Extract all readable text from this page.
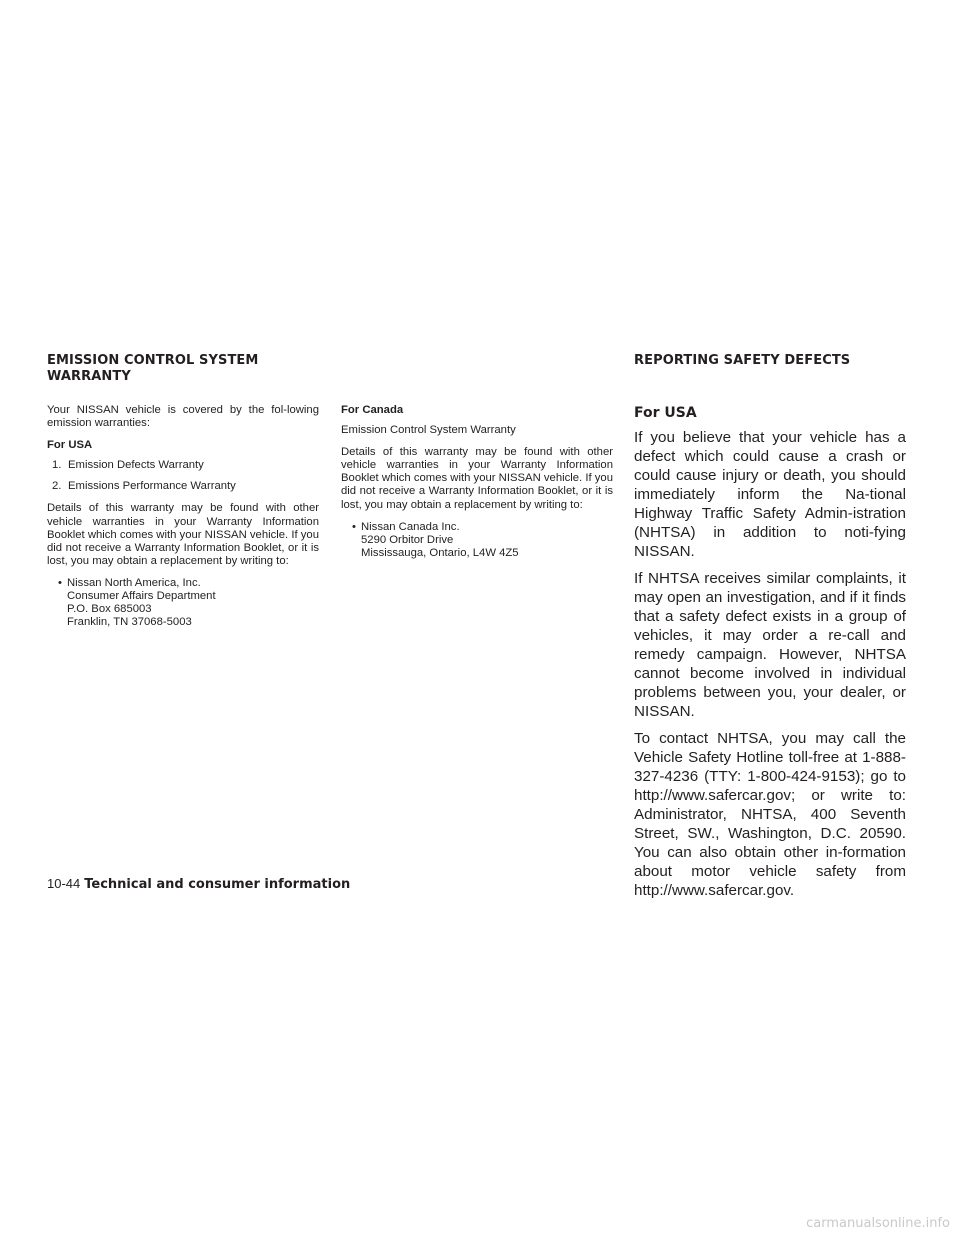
EMISSION CONTROL SYSTEM
WARRANTY
REPORTING SAFETY DEFECTS

Your NISSAN vehicle is covered by the fol-lowing emission warranties:

For USA

1. Emission Defects Warranty
2. Emissions Performance Warranty

Details of this warranty may be found with other vehicle warranties in your Warranty Information Booklet which comes with your NISSAN vehicle. If you did not receive a Warranty Information Booklet, or it is lost, you may obtain a replacement by writing to:

• Nissan North America, Inc.
Consumer Affairs Department
P.O. Box 685003
Franklin, TN 37068-5003

For Canada

Emission Control System Warranty

Details of this warranty may be found with other vehicle warranties in your Warranty Information Booklet which comes with your NISSAN vehicle. If you did not receive a Warranty Information Booklet, or it is lost, you may obtain a replacement by writing to:

• Nissan Canada Inc.
5290 Orbitor Drive
Mississauga, Ontario, L4W 4Z5
For USA

If you believe that your vehicle has a defect which could cause a crash or could cause injury or death, you should immediately inform the Na-tional Highway Traffic Safety Admin-istration (NHTSA) in addition to noti-fying NISSAN.

If NHTSA receives similar complaints, it may open an investigation, and if it finds that a safety defect exists in a group of vehicles, it may order a re-call and remedy campaign. However, NHTSA cannot become involved in individual problems between you, your dealer, or NISSAN.

To contact NHTSA, you may call the Vehicle Safety Hotline toll-free at 1-888-327-4236 (TTY: 1-800-424-9153); go to http://www.safercar.gov; or write to: Administrator, NHTSA, 400 Seventh Street, SW., Washington, D.C. 20590. You can also obtain other in-formation about motor vehicle safety from http://www.safercar.gov.

10-44 Technical and consumer information
carmanualsonline.info
